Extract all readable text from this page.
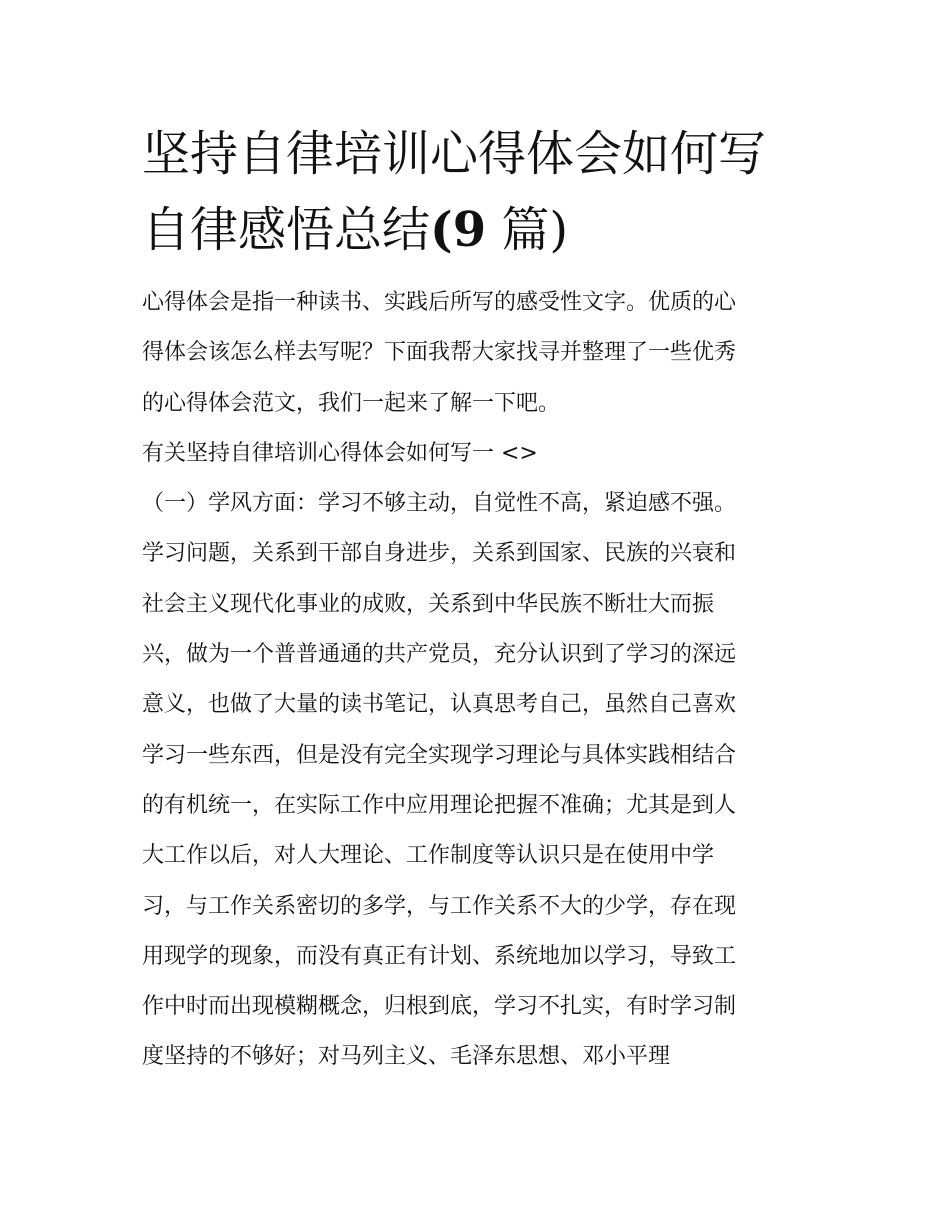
坚持自律培训心得体会如何写
自律感悟总结(9 篇)
心得体会是指一种读书、实践后所写的感受性文字。优质的心
得体会该怎么样去写呢？下面我帮大家找寻并整理了一些优秀
的心得体会范文，我们一起来了解一下吧。
有关坚持自律培训心得体会如何写一 <>
（一）学风方面：学习不够主动，自觉性不高，紧迫感不强。
学习问题，关系到干部自身进步，关系到国家、民族的兴衰和
社会主义现代化事业的成败，关系到中华民族不断壮大而振
兴，做为一个普普通通的共产党员，充分认识到了学习的深远
意义，也做了大量的读书笔记，认真思考自己，虽然自己喜欢
学习一些东西，但是没有完全实现学习理论与具体实践相结合
的有机统一，在实际工作中应用理论把握不准确；尤其是到人
大工作以后，对人大理论、工作制度等认识只是在使用中学
习，与工作关系密切的多学，与工作关系不大的少学，存在现
用现学的现象，而没有真正有计划、系统地加以学习，导致工
作中时而出现模糊概念，归根到底，学习不扎实，有时学习制
度坚持的不够好；对马列主义、毛泽东思想、邓小平理
